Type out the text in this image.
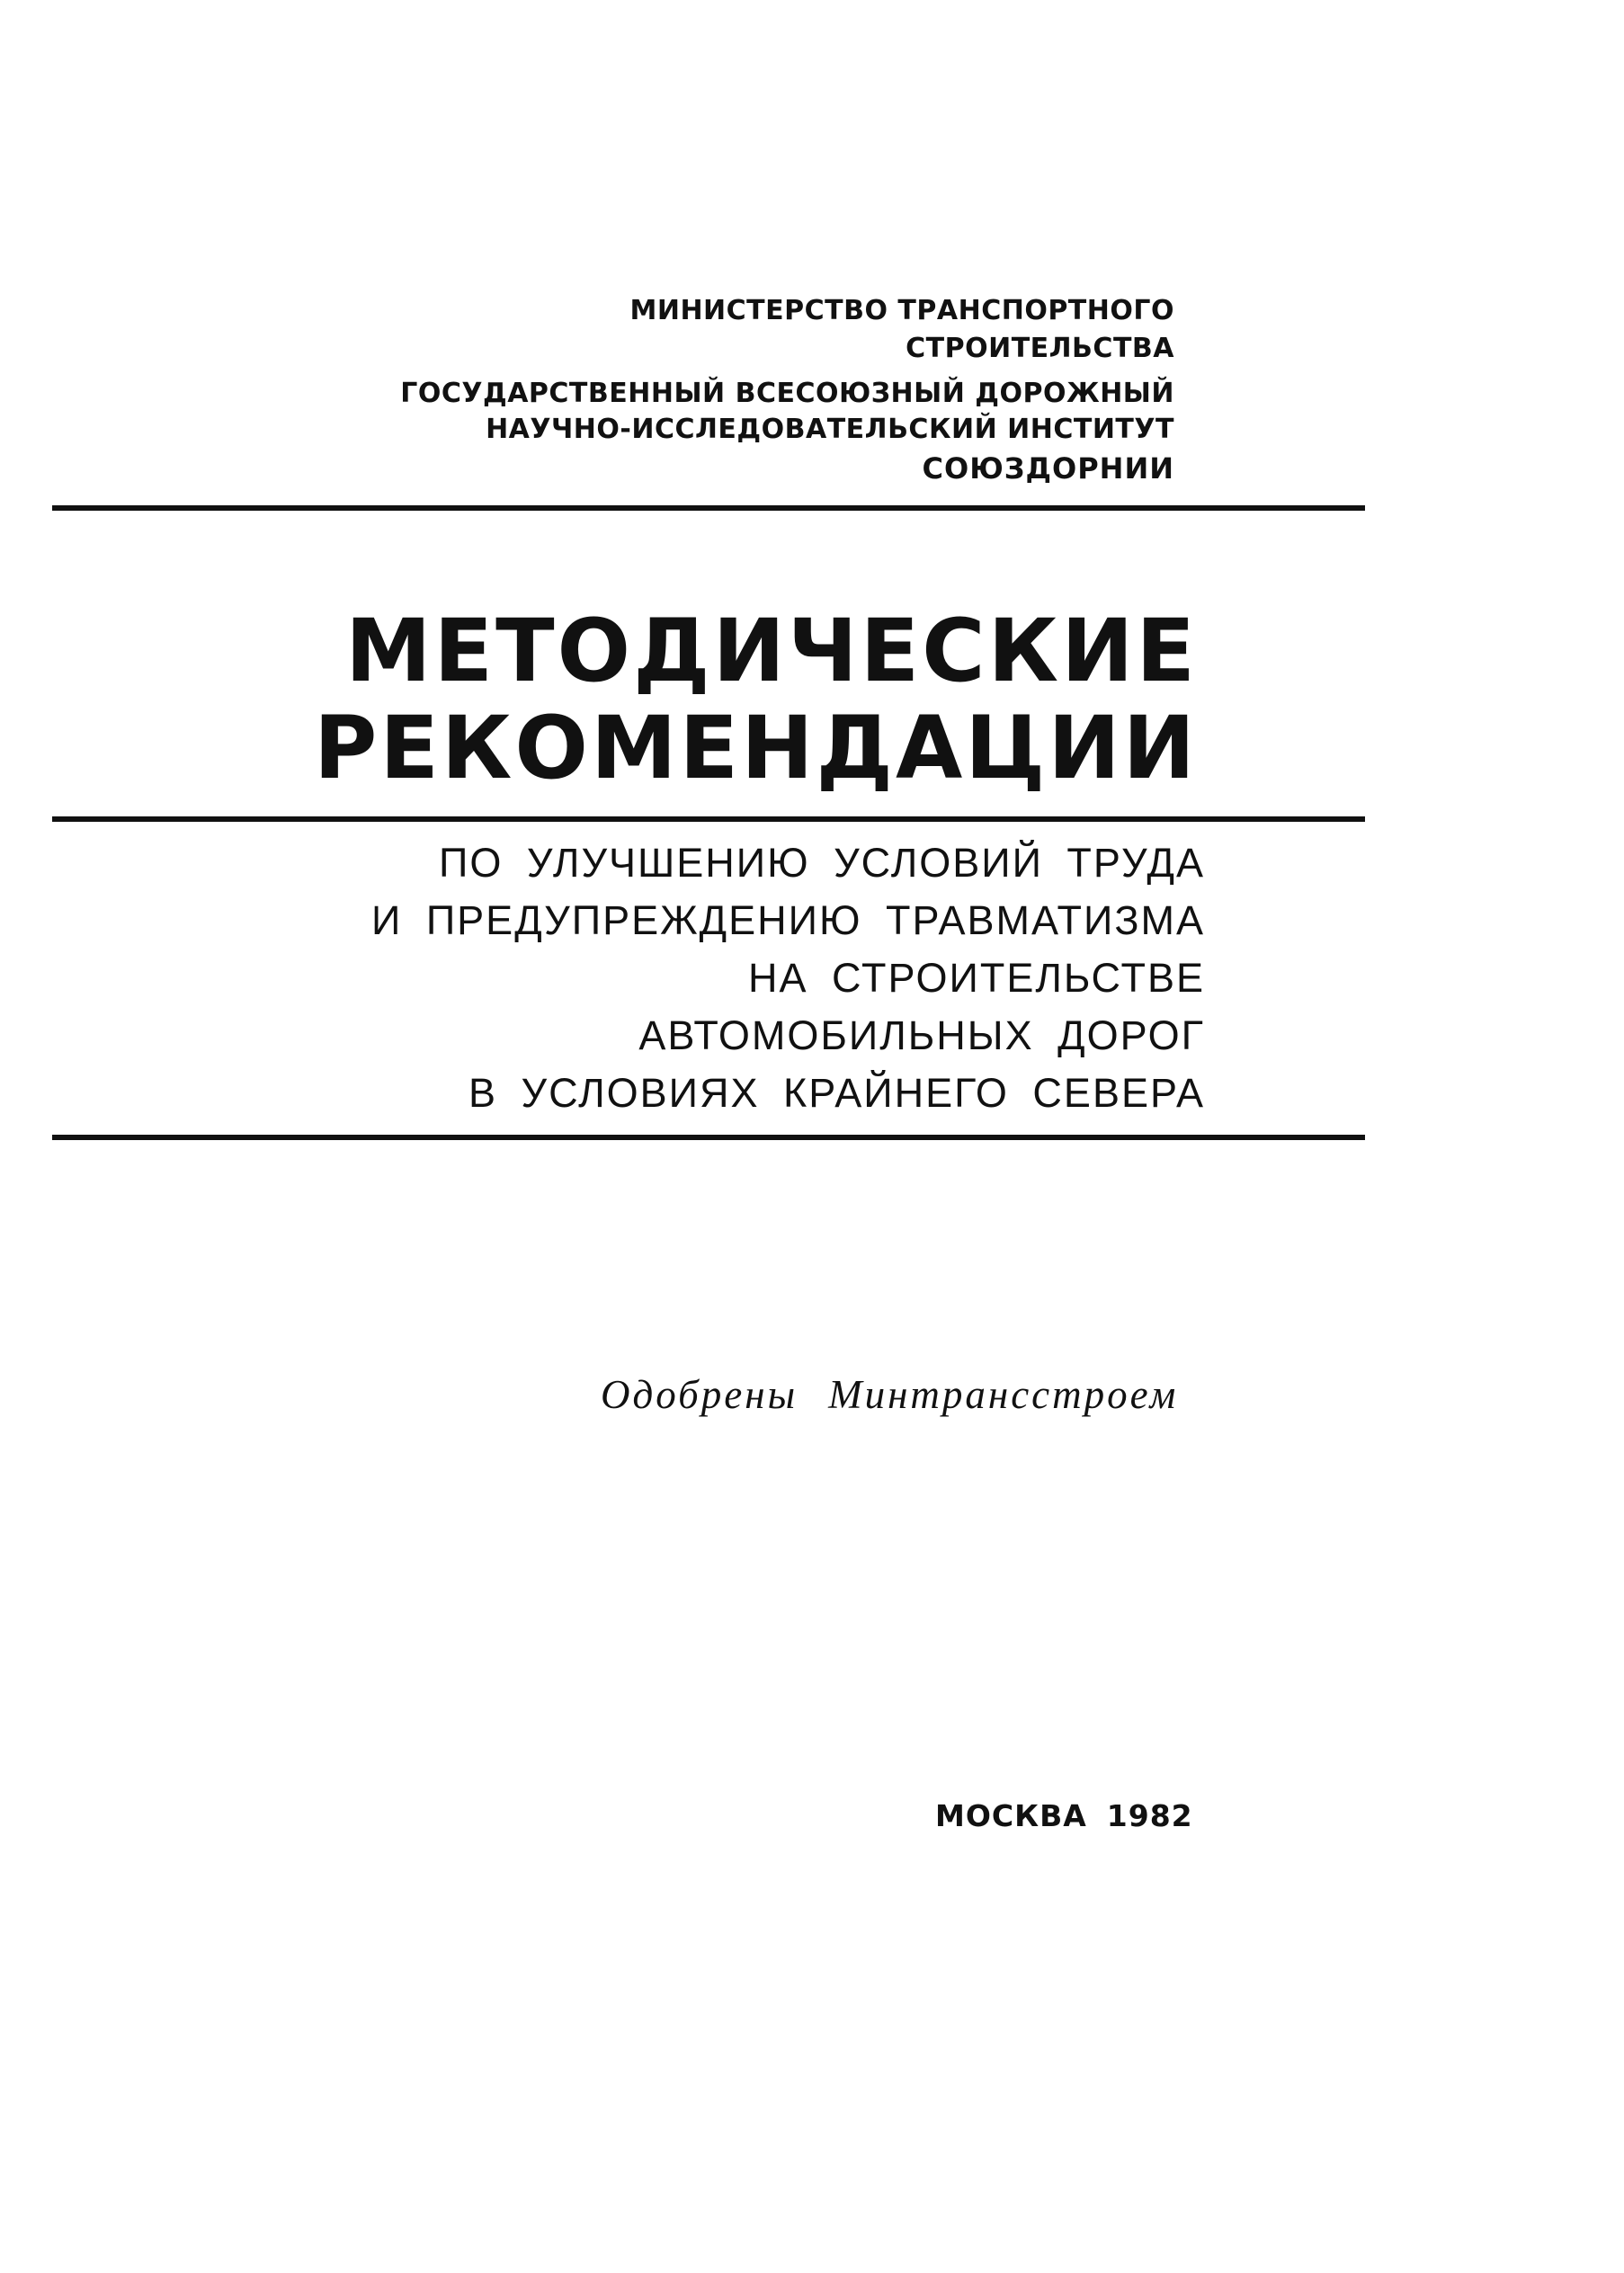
МИНИСТЕРСТВО ТРАНСПОРТНОГО
СТРОИТЕЛЬСТВА
ГОСУДАРСТВЕННЫЙ ВСЕСОЮЗНЫЙ ДОРОЖНЫЙ
НАУЧНО-ИССЛЕДОВАТЕЛЬСКИЙ ИНСТИТУТ
СОЮЗДОРНИИ
МЕТОДИЧЕСКИЕ
РЕКОМЕНДАЦИИ
ПО УЛУЧШЕНИЮ УСЛОВИЙ ТРУДА
И ПРЕДУПРЕЖДЕНИЮ ТРАВМАТИЗМА
НА СТРОИТЕЛЬСТВЕ
АВТОМОБИЛЬНЫХ ДОРОГ
В УСЛОВИЯХ КРАЙНЕГО СЕВЕРА
Одобрены Минтрансстроем
МОСКВА 1982
